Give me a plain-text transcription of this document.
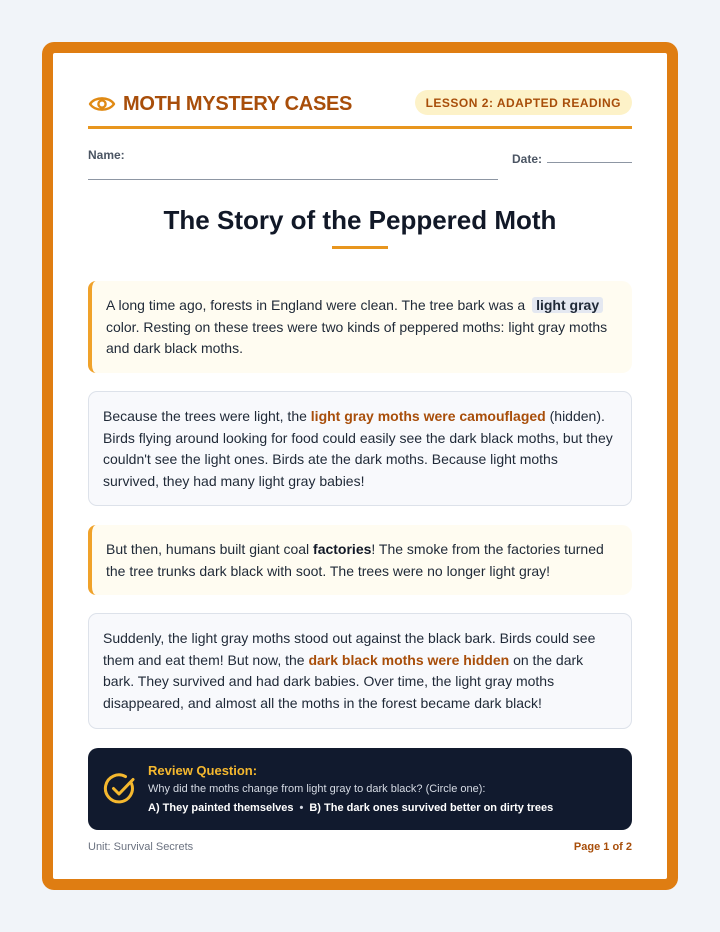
MOTH MYSTERY CASES	LESSON 2: ADAPTED READING
Name:	Date:
The Story of the Peppered Moth
A long time ago, forests in England were clean. The tree bark was a light gray color. Resting on these trees were two kinds of peppered moths: light gray moths and dark black moths.
Because the trees were light, the light gray moths were camouflaged (hidden). Birds flying around looking for food could easily see the dark black moths, but they couldn't see the light ones. Birds ate the dark moths. Because light moths survived, they had many light gray babies!
But then, humans built giant coal factories! The smoke from the factories turned the tree trunks dark black with soot. The trees were no longer light gray!
Suddenly, the light gray moths stood out against the black bark. Birds could see them and eat them! But now, the dark black moths were hidden on the dark bark. They survived and had dark babies. Over time, the light gray moths disappeared, and almost all the moths in the forest became dark black!
Review Question:
Why did the moths change from light gray to dark black? (Circle one):
A) They painted themselves • B) The dark ones survived better on dirty trees
Unit: Survival Secrets	Page 1 of 2
